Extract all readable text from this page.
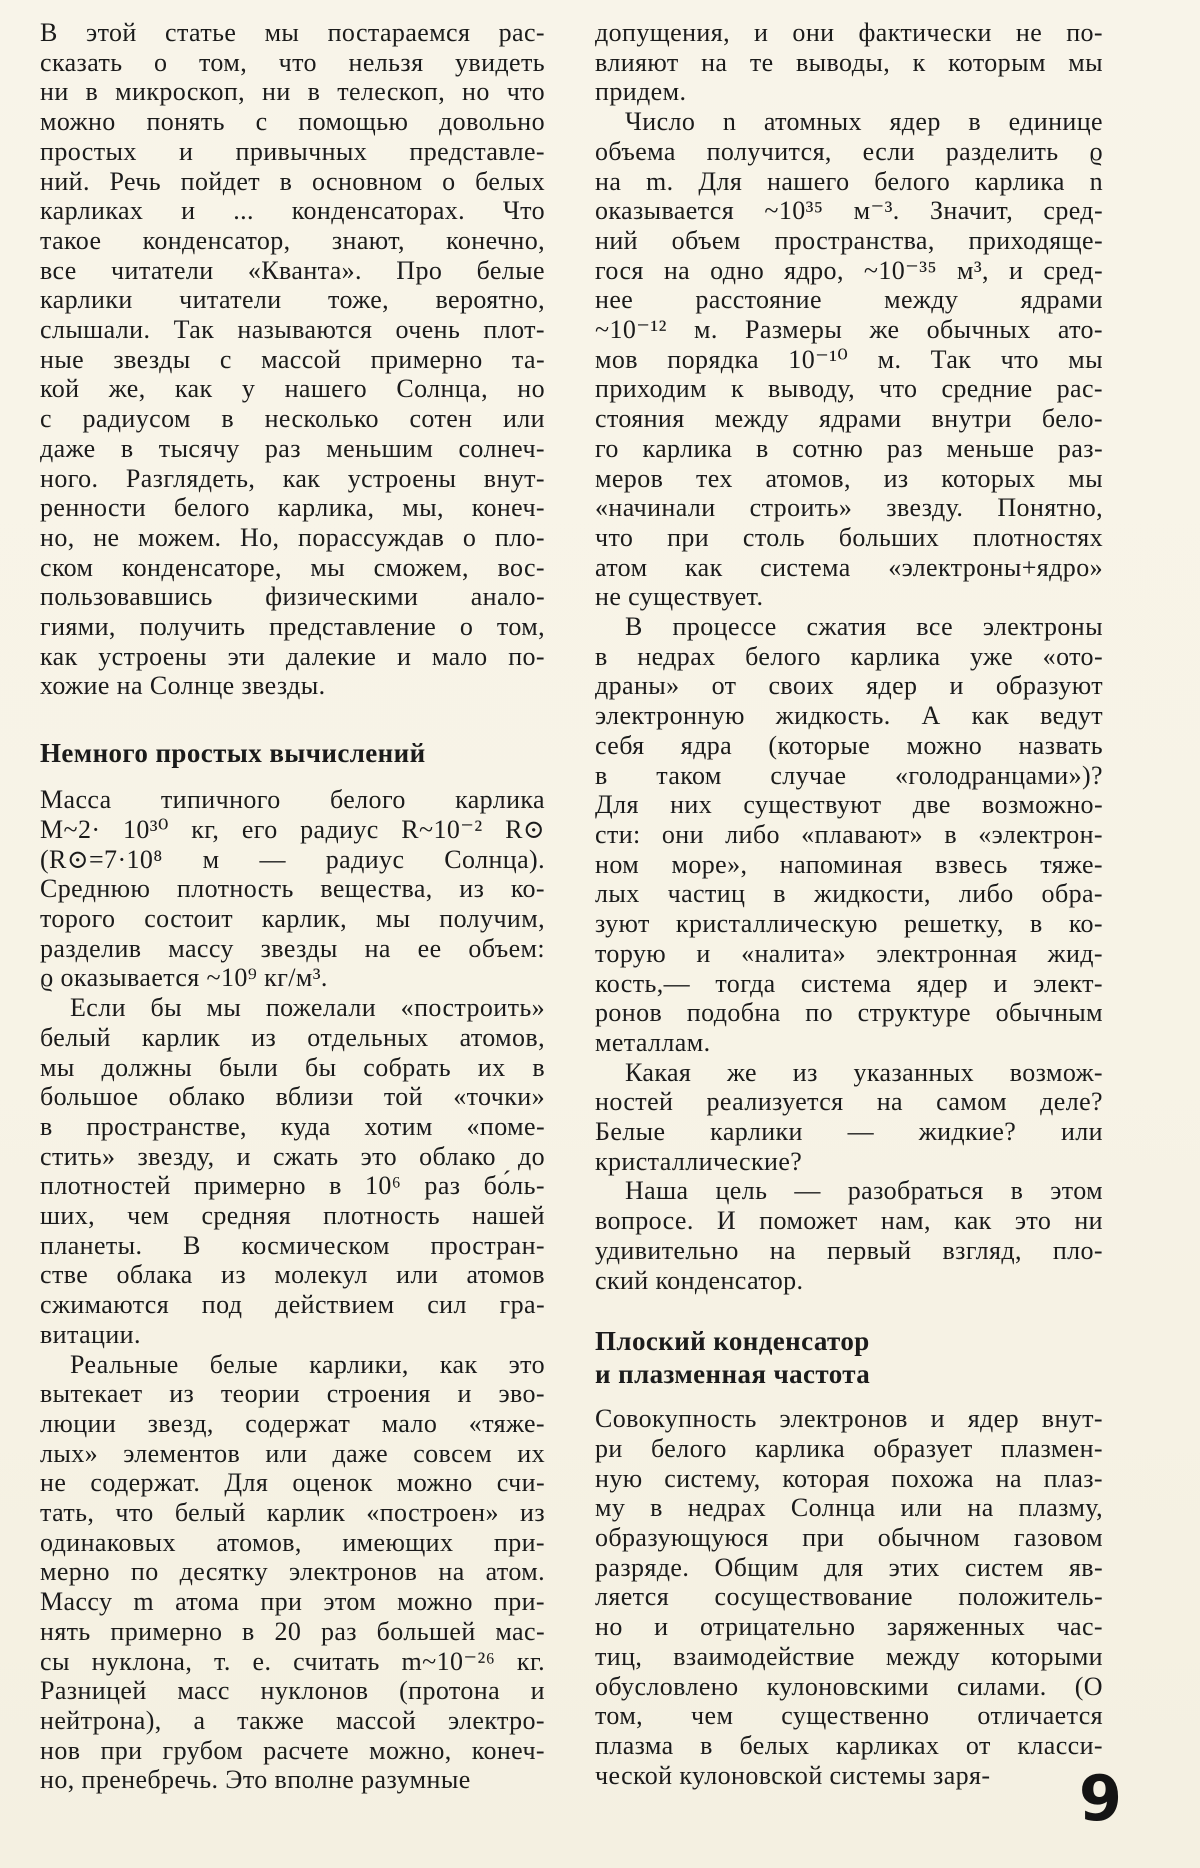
В этой статье мы постараемся рас-
сказать о том, что нельзя увидеть
ни в микроскоп, ни в телескоп, но что
можно понять с помощью довольно
простых и привычных представле-
ний. Речь пойдет в основном о белых
карликах и ... конденсаторах. Что
такое конденсатор, знают, конечно,
все читатели «Кванта». Про белые
карлики читатели тоже, вероятно,
слышали. Так называются очень плот-
ные звезды с массой примерно та-
кой же, как у нашего Солнца, но
с радиусом в несколько сотен или
даже в тысячу раз меньшим солнеч-
ного. Разглядеть, как устроены внут-
ренности белого карлика, мы, конеч-
но, не можем. Но, порассуждав о пло-
ском конденсаторе, мы сможем, вос-
пользовавшись физическими анало-
гиями, получить представление о том,
как устроены эти далекие и мало по-
хожие на Солнце звезды.
Немного простых вычислений
Масса типичного белого карлика
M~2· 10³⁰ кг, его радиус R~10⁻² R⊙
(R⊙=7·10⁸ м — радиус Солнца).
Среднюю плотность вещества, из ко-
торого состоит карлик, мы получим,
разделив массу звезды на ее объем:
ϱ оказывается ~10⁹ кг/м³.
Если бы мы пожелали «построить»
белый карлик из отдельных атомов,
мы должны были бы собрать их в
большое облако вблизи той «точки»
в пространстве, куда хотим «поме-
стить» звезду, и сжать это облако до
плотностей примерно в 10⁶ раз бо́ль-
ших, чем средняя плотность нашей
планеты. В космическом простран-
стве облака из молекул или атомов
сжимаются под действием сил гра-
витации.
Реальные белые карлики, как это
вытекает из теории строения и эво-
люции звезд, содержат мало «тяже-
лых» элементов или даже совсем их
не содержат. Для оценок можно счи-
тать, что белый карлик «построен» из
одинаковых атомов, имеющих при-
мерно по десятку электронов на атом.
Массу m атома при этом можно при-
нять примерно в 20 раз большей мас-
сы нуклона, т. е. считать m~10⁻²⁶ кг.
Разницей масс нуклонов (протона и
нейтрона), а также массой электро-
нов при грубом расчете можно, конеч-
но, пренебречь. Это вполне разумные
допущения, и они фактически не по-
влияют на те выводы, к которым мы
придем.
Число n атомных ядер в единице
объема получится, если разделить ϱ
на m. Для нашего белого карлика n
оказывается ~10³⁵ м⁻³. Значит, сред-
ний объем пространства, приходяще-
гося на одно ядро, ~10⁻³⁵ м³, и сред-
нее расстояние между ядрами
~10⁻¹² м. Размеры же обычных ато-
мов порядка 10⁻¹⁰ м. Так что мы
приходим к выводу, что средние рас-
стояния между ядрами внутри бело-
го карлика в сотню раз меньше раз-
меров тех атомов, из которых мы
«начинали строить» звезду. Понятно,
что при столь больших плотностях
атом как система «электроны+ядро»
не существует.
В процессе сжатия все электроны
в недрах белого карлика уже «ото-
драны» от своих ядер и образуют
электронную жидкость. А как ведут
себя ядра (которые можно назвать
в таком случае «голодранцами»)?
Для них существуют две возможно-
сти: они либо «плавают» в «электрон-
ном море», напоминая взвесь тяже-
лых частиц в жидкости, либо обра-
зуют кристаллическую решетку, в ко-
торую и «налита» электронная жид-
кость,— тогда система ядер и элект-
ронов подобна по структуре обычным
металлам.
Какая же из указанных возмож-
ностей реализуется на самом деле?
Белые карлики — жидкие? или
кристаллические?
Наша цель — разобраться в этом
вопросе. И поможет нам, как это ни
удивительно на первый взгляд, пло-
ский конденсатор.
Плоский конденсатор
и плазменная частота
Совокупность электронов и ядер внут-
ри белого карлика образует плазмен-
ную систему, которая похожа на плаз-
му в недрах Солнца или на плазму,
образующуюся при обычном газовом
разряде. Общим для этих систем яв-
ляется сосуществование положитель-
но и отрицательно заряженных час-
тиц, взаимодействие между которыми
обусловлено кулоновскими силами. (О
том, чем существенно отличается
плазма в белых карликах от класси-
ческой кулоновской системы заря-	9
